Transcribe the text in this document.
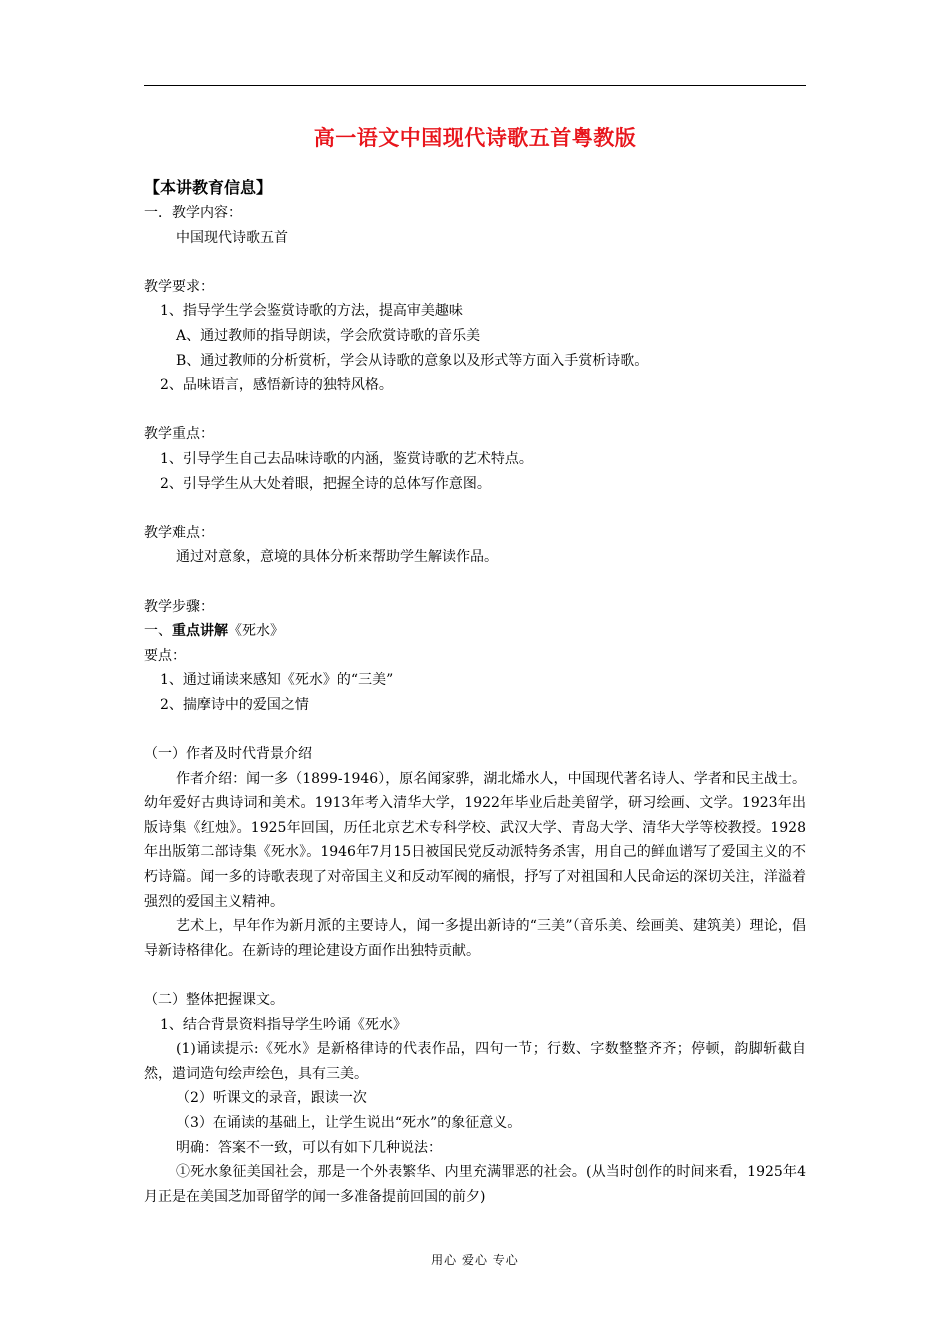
高一语文中国现代诗歌五首粤教版
【本讲教育信息】
一．教学内容：
中国现代诗歌五首
教学要求：
1、指导学生学会鉴赏诗歌的方法，提高审美趣味
A、通过教师的指导朗读，学会欣赏诗歌的音乐美
B、通过教师的分析赏析，学会从诗歌的意象以及形式等方面入手赏析诗歌。
2、品味语言，感悟新诗的独特风格。
教学重点：
1、引导学生自己去品味诗歌的内涵，鉴赏诗歌的艺术特点。
2、引导学生从大处着眼，把握全诗的总体写作意图。
教学难点：
通过对意象，意境的具体分析来帮助学生解读作品。
教学步骤：
一、重点讲解《死水》
要点：
1、通过诵读来感知《死水》的“三美”
2、揣摩诗中的爱国之情
（一）作者及时代背景介绍
作者介绍：闻一多（1899-1946），原名闻家骅，湖北烯水人，中国现代著名诗人、学者和民主战士。幼年爱好古典诗词和美术。1913年考入清华大学，1922年毕业后赴美留学，研习绘画、文学。1923年出版诗集《红烛》。1925年回国，历任北京艺术专科学校、武汉大学、青岛大学、清华大学等校教授。1928年出版第二部诗集《死水》。1946年7月15日被国民党反动派特务杀害，用自己的鲜血谱写了爱国主义的不朽诗篇。闻一多的诗歌表现了对帝国主义和反动军阀的痛恨，抒写了对祖国和人民命运的深切关注，洋溢着强烈的爱国主义精神。
艺术上，早年作为新月派的主要诗人，闻一多提出新诗的“三美”（音乐美、绘画美、建筑美）理论，倡导新诗格律化。在新诗的理论建设方面作出独特贡献。
（二）整体把握课文。
1、结合背景资料指导学生吟诵《死水》
(1)诵读提示:《死水》是新格律诗的代表作品，四句一节；行数、字数整整齐齐；停顿，韵脚斩截自然，遣词造句绘声绘色，具有三美。
（2）听课文的录音，跟读一次
（3）在诵读的基础上，让学生说出“死水”的象征意义。
明确：答案不一致，可以有如下几种说法：
①死水象征美国社会，那是一个外表繁华、内里充满罪恶的社会。(从当时创作的时间来看，1925年4月正是在美国芝加哥留学的闻一多准备提前回国的前夕)
用心 爱心 专心
